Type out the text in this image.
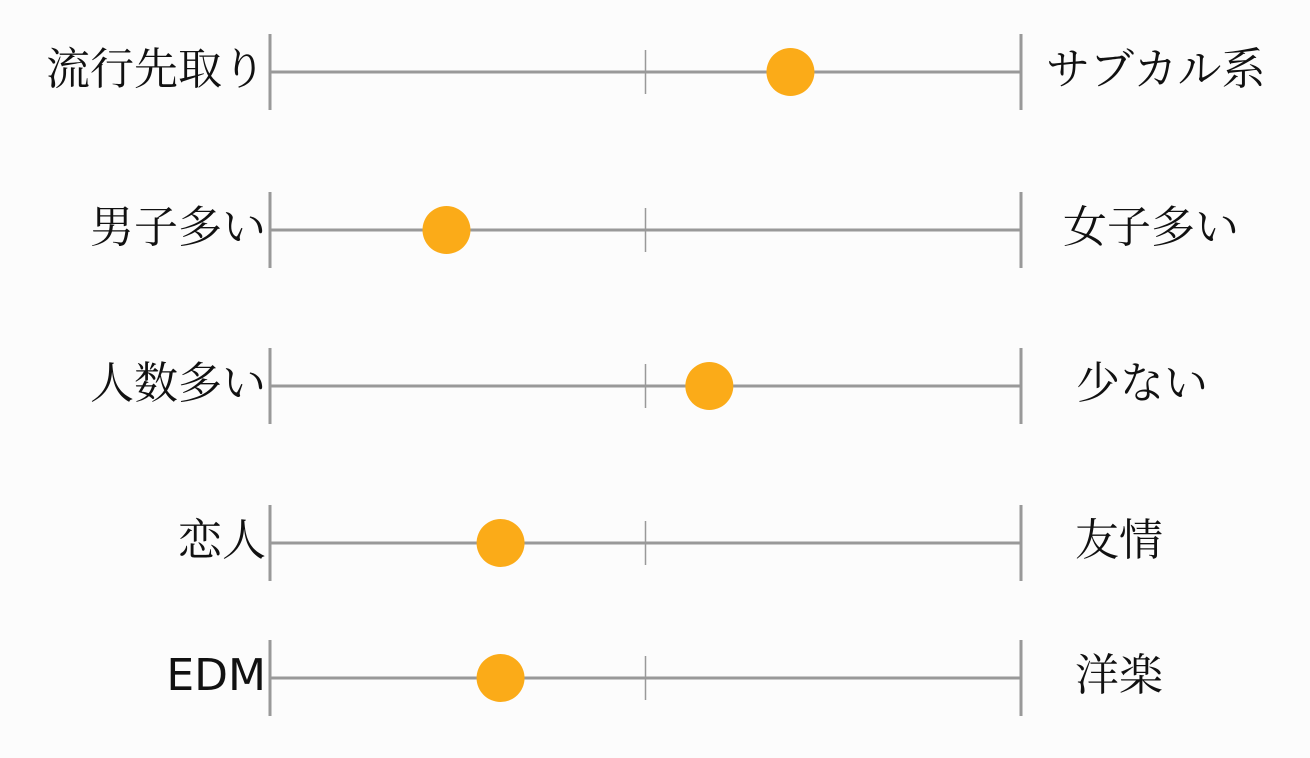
流行先取り	サブカル系
男子多い	女子多い
人数多い	少ない
恋人	友情
EDM	洋楽
